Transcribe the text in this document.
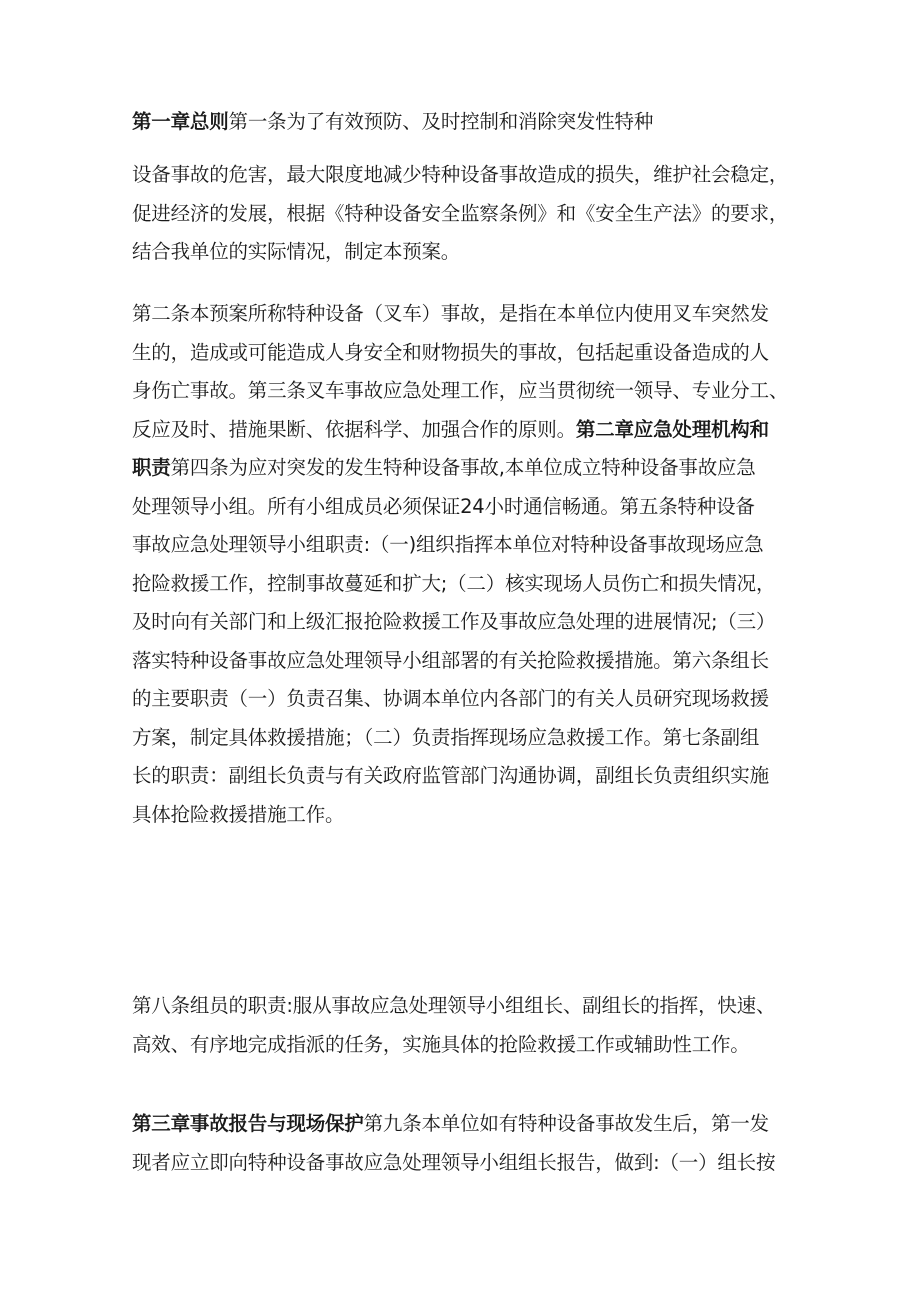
第一章总则第一条为了有效预防、及时控制和消除突发性特种
设备事故的危害，最大限度地减少特种设备事故造成的损失，维护社会稳定，
促进经济的发展，根据《特种设备安全监察条例》和《安全生产法》的要求，
结合我单位的实际情况，制定本预案。
第二条本预案所称特种设备（叉车）事故，是指在本单位内使用叉车突然发
生的，造成或可能造成人身安全和财物损失的事故，包括起重设备造成的人
身伤亡事故。第三条叉车事故应急处理工作，应当贯彻统一领导、专业分工、
反应及时、措施果断、依据科学、加强合作的原则。第二章应急处理机构和
职责第四条为应对突发的发生特种设备事故,本单位成立特种设备事故应急
处理领导小组。所有小组成员必须保证24小时通信畅通。第五条特种设备
事故应急处理领导小组职责:（一)组织指挥本单位对特种设备事故现场应急
抢险救援工作，控制事故蔓延和扩大;（二）核实现场人员伤亡和损失情况，
及时向有关部门和上级汇报抢险救援工作及事故应急处理的进展情况;（三）
落实特种设备事故应急处理领导小组部署的有关抢险救援措施。第六条组长
的主要职责（一）负责召集、协调本单位内各部门的有关人员研究现场救援
方案，制定具体救援措施；（二）负责指挥现场应急救援工作。第七条副组
长的职责：副组长负责与有关政府监管部门沟通协调，副组长负责组织实施
具体抢险救援措施工作。
第八条组员的职责:服从事故应急处理领导小组组长、副组长的指挥，快速、
高效、有序地完成指派的任务，实施具体的抢险救援工作或辅助性工作。
第三章事故报告与现场保护第九条本单位如有特种设备事故发生后，第一发
现者应立即向特种设备事故应急处理领导小组组长报告，做到:（一）组长按
